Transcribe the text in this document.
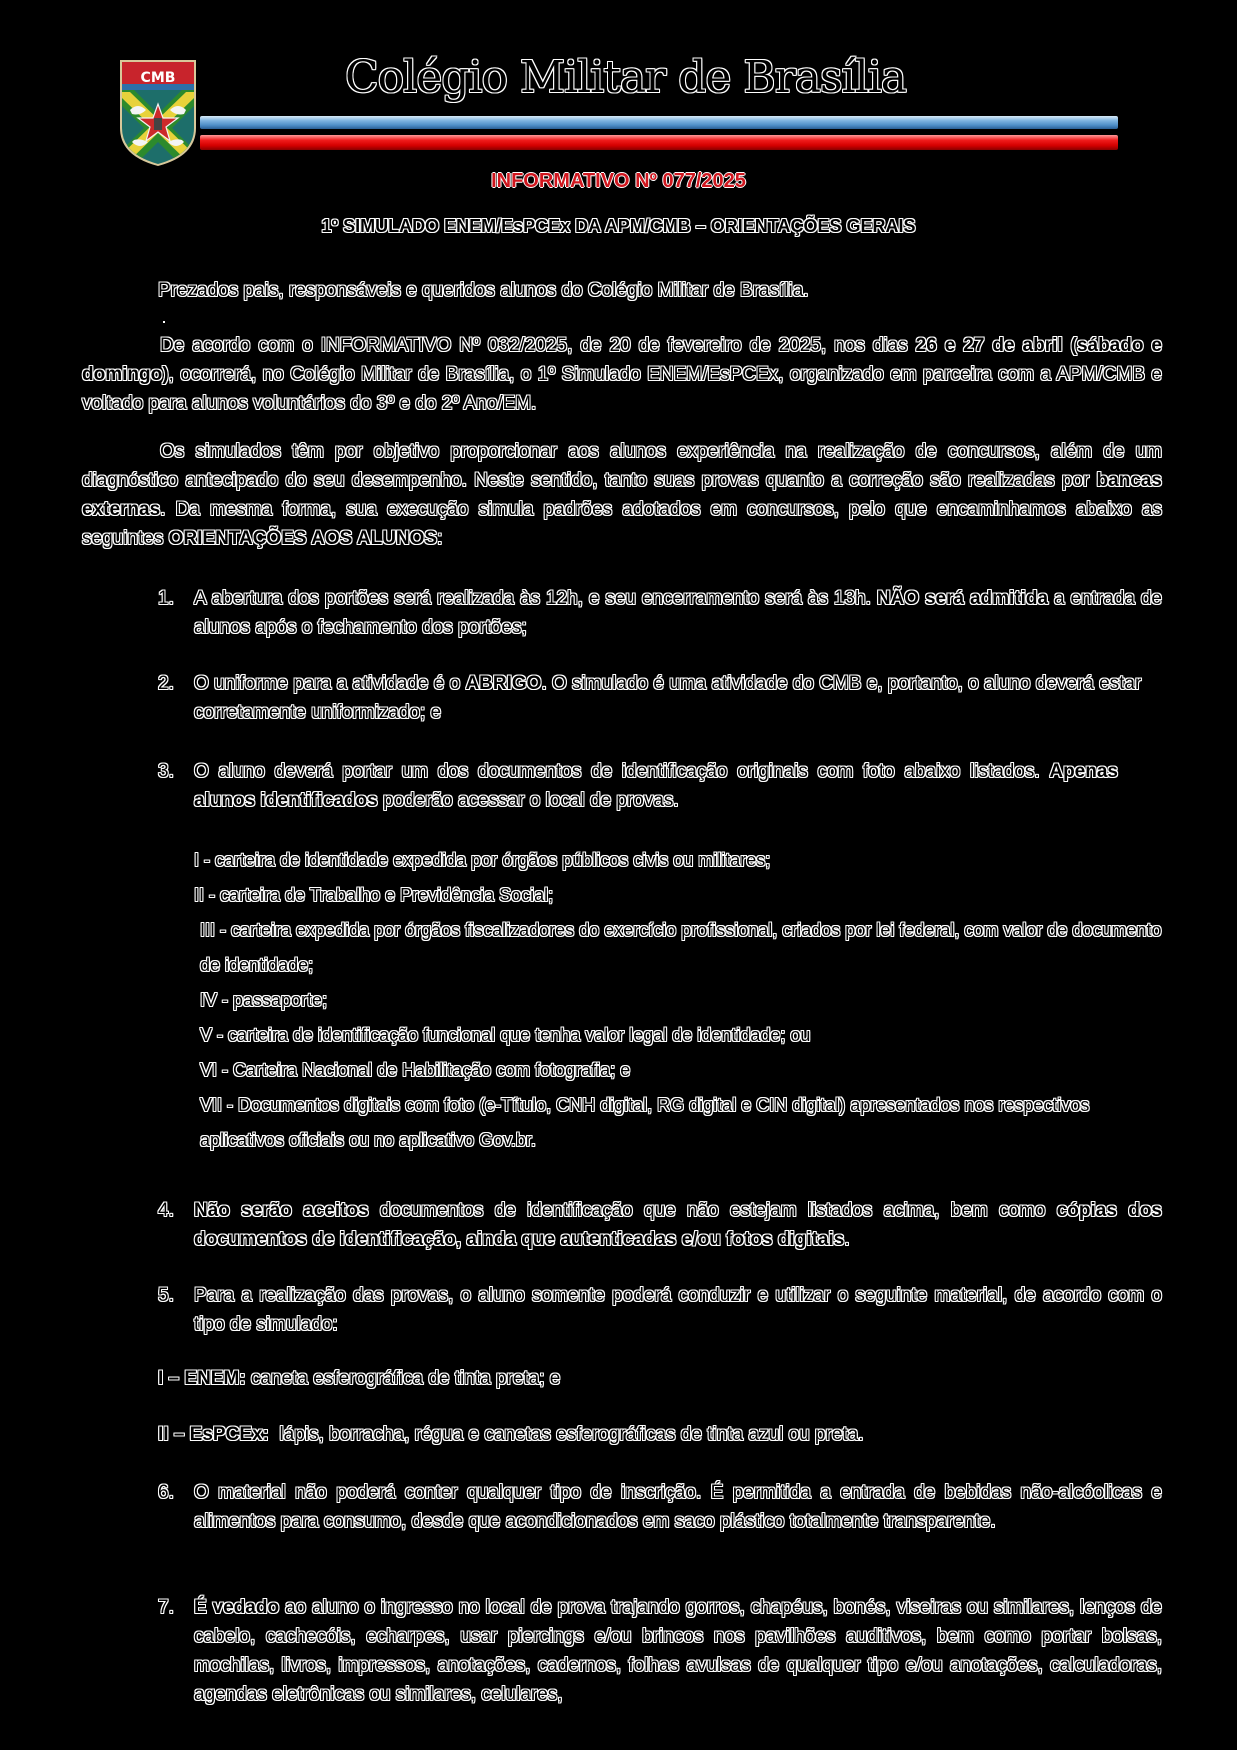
CMB	Colégio Militar de Brasília
INFORMATIVO Nº 077/2025
1º SIMULADO ENEM/EsPCEx DA APM/CMB – ORIENTAÇÕES GERAIS
Prezados pais, responsáveis e queridos alunos do Colégio Militar de Brasília.

De acordo com o INFORMATIVO Nº 032/2025, de 20 de fevereiro de 2025, nos dias 26 e 27 de abril (sábado e domingo), ocorrerá, no Colégio Militar de Brasília, o 1º Simulado ENEM/EsPCEx, organizado em parceira com a APM/CMB e voltado para alunos voluntários do 3º e do 2º Ano/EM.

Os simulados têm por objetivo proporcionar aos alunos experiência na realização de concursos, além de um diagnóstico antecipado do seu desempenho. Neste sentido, tanto suas provas quanto a correção são realizadas por bancas externas. Da mesma forma, sua execução simula padrões adotados em concursos, pelo que encaminhamos abaixo as seguintes ORIENTAÇÕES AOS ALUNOS:

1. A abertura dos portões será realizada às 12h, e seu encerramento será às 13h. NÃO será admitida a entrada de alunos após o fechamento dos portões;
2. O uniforme para a atividade é o ABRIGO. O simulado é uma atividade do CMB e, portanto, o aluno deverá estar corretamente uniformizado; e
3. O aluno deverá portar um dos documentos de identificação originais com foto abaixo listados. Apenas alunos identificados poderão acessar o local de provas.
I - carteira de identidade expedida por órgãos públicos civis ou militares;
II - carteira de Trabalho e Previdência Social;
III - carteira expedida por órgãos fiscalizadores do exercício profissional, criados por lei federal, com valor de documento de identidade;
IV - passaporte;
V - carteira de identificação funcional que tenha valor legal de identidade; ou
VI - Carteira Nacional de Habilitação com fotografia; e
VII - Documentos digitais com foto (e-Título, CNH digital, RG digital e CIN digital) apresentados nos respectivos aplicativos oficiais ou no aplicativo Gov.br.
4. Não serão aceitos documentos de identificação que não estejam listados acima, bem como cópias dos documentos de identificação, ainda que autenticadas e/ou fotos digitais.
5. Para a realização das provas, o aluno somente poderá conduzir e utilizar o seguinte material, de acordo com o tipo de simulado:
I – ENEM: caneta esferográfica de tinta preta; e
II – EsPCEx:  lápis, borracha, régua e canetas esferográficas de tinta azul ou preta.
6. O material não poderá conter qualquer tipo de inscrição. É permitida a entrada de bebidas não-alcóolicas e alimentos para consumo, desde que acondicionados em saco plástico totalmente transparente.
7. É vedado ao aluno o ingresso no local de prova trajando gorros, chapéus, bonés, viseiras ou similares, lenços de cabelo, cachecóis, echarpes, usar piercings e/ou brincos nos pavilhões auditivos, bem como portar bolsas, mochilas, livros, impressos, anotações, cadernos, folhas avulsas de qualquer tipo e/ou anotações, calculadoras, agendas eletrônicas ou similares, celulares,
